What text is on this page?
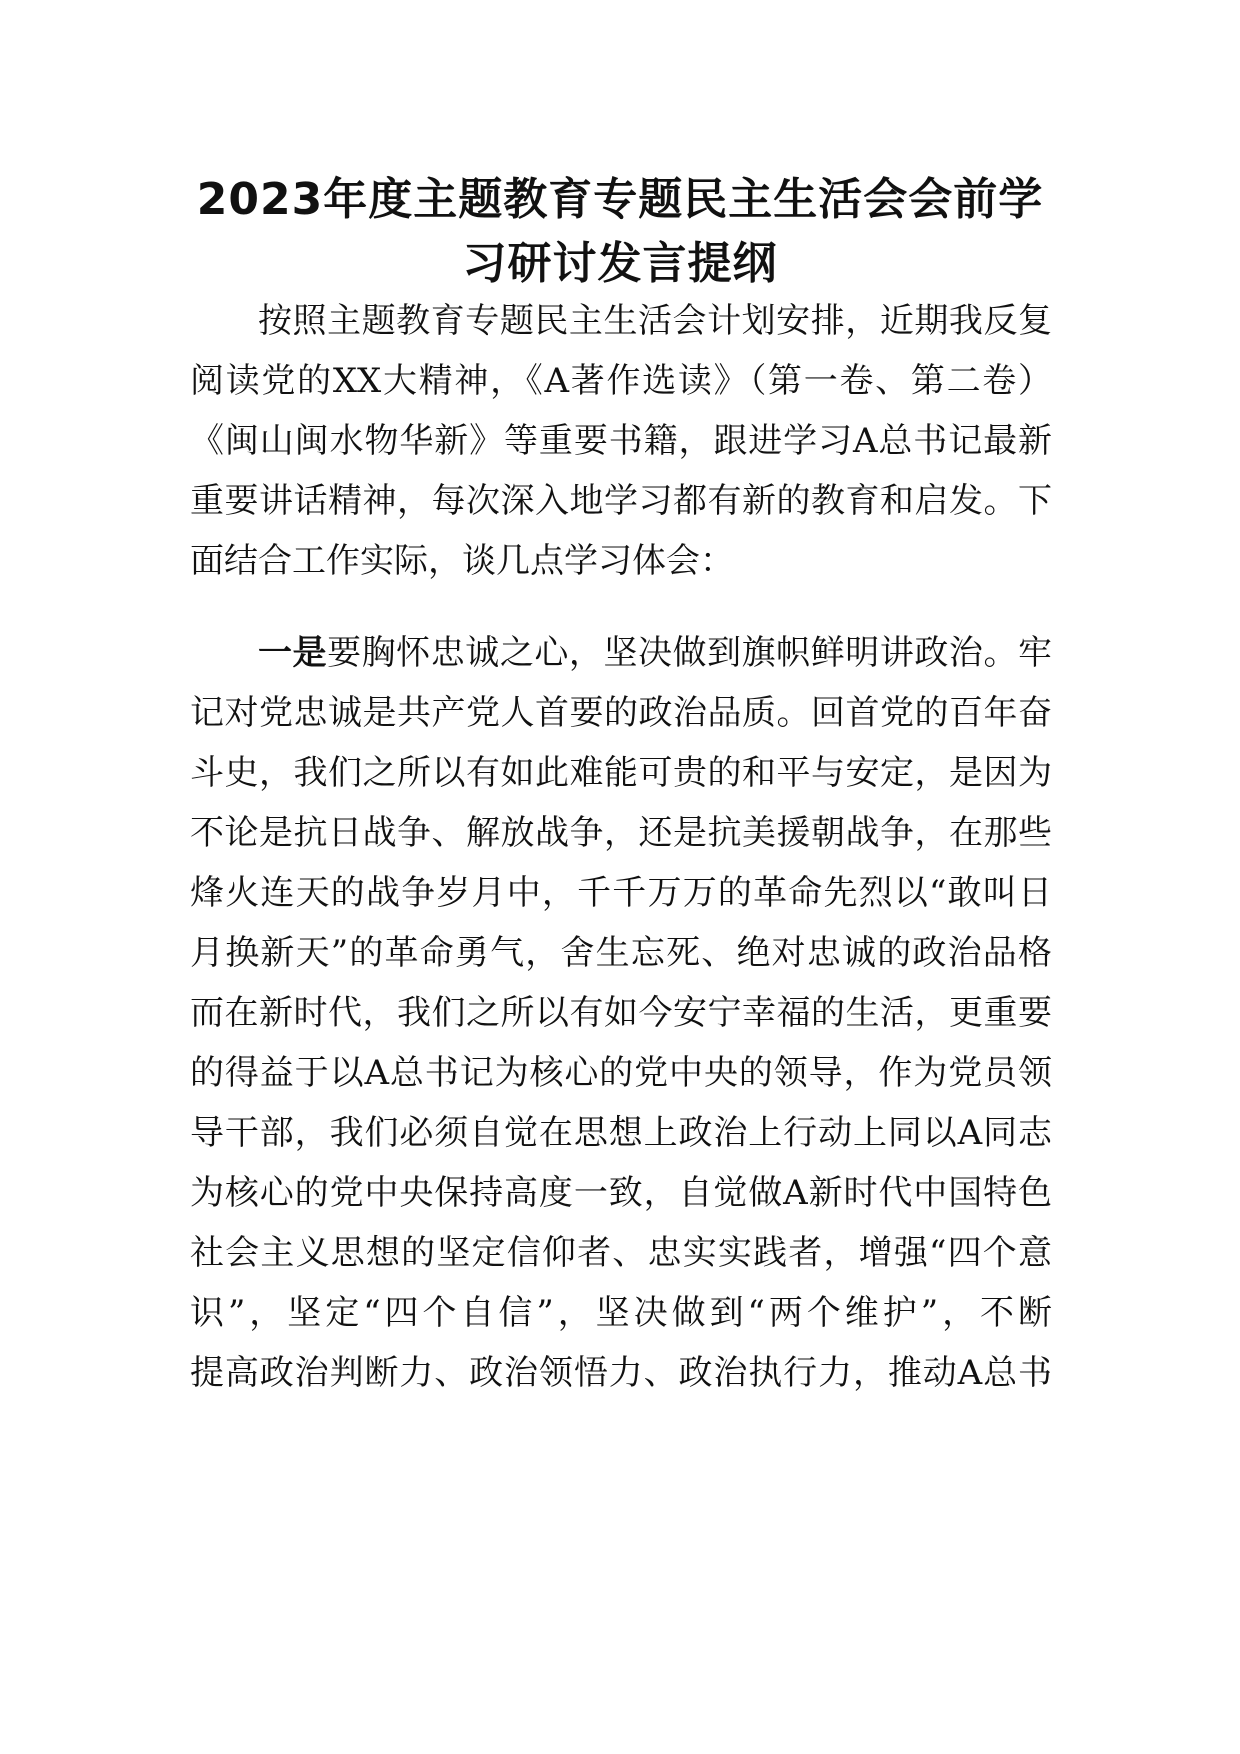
2023年度主题教育专题民主生活会会前学
习研讨发言提纲

按照主题教育专题民主生活会计划安排，近期我反复

阅读党的XX大精神，《A著作选读》（第一卷、第二卷）

《闽山闽水物华新》等重要书籍，跟进学习A总书记最新

重要讲话精神，每次深入地学习都有新的教育和启发。下

面结合工作实际，谈几点学习体会：

一是要胸怀忠诚之心，坚决做到旗帜鲜明讲政治。牢

记对党忠诚是共产党人首要的政治品质。回首党的百年奋

斗史，我们之所以有如此难能可贵的和平与安定，是因为

不论是抗日战争、解放战争，还是抗美援朝战争，在那些

烽火连天的战争岁月中，千千万万的革命先烈以“敢叫日

月换新天”的革命勇气，舍生忘死、绝对忠诚的政治品格

而在新时代，我们之所以有如今安宁幸福的生活，更重要

的得益于以A总书记为核心的党中央的领导，作为党员领

导干部，我们必须自觉在思想上政治上行动上同以A同志

为核心的党中央保持高度一致，自觉做A新时代中国特色

社会主义思想的坚定信仰者、忠实实践者，增强“四个意

识”，坚定“四个自信”，坚决做到“两个维护”，不断

提高政治判断力、政治领悟力、政治执行力，推动A总书
